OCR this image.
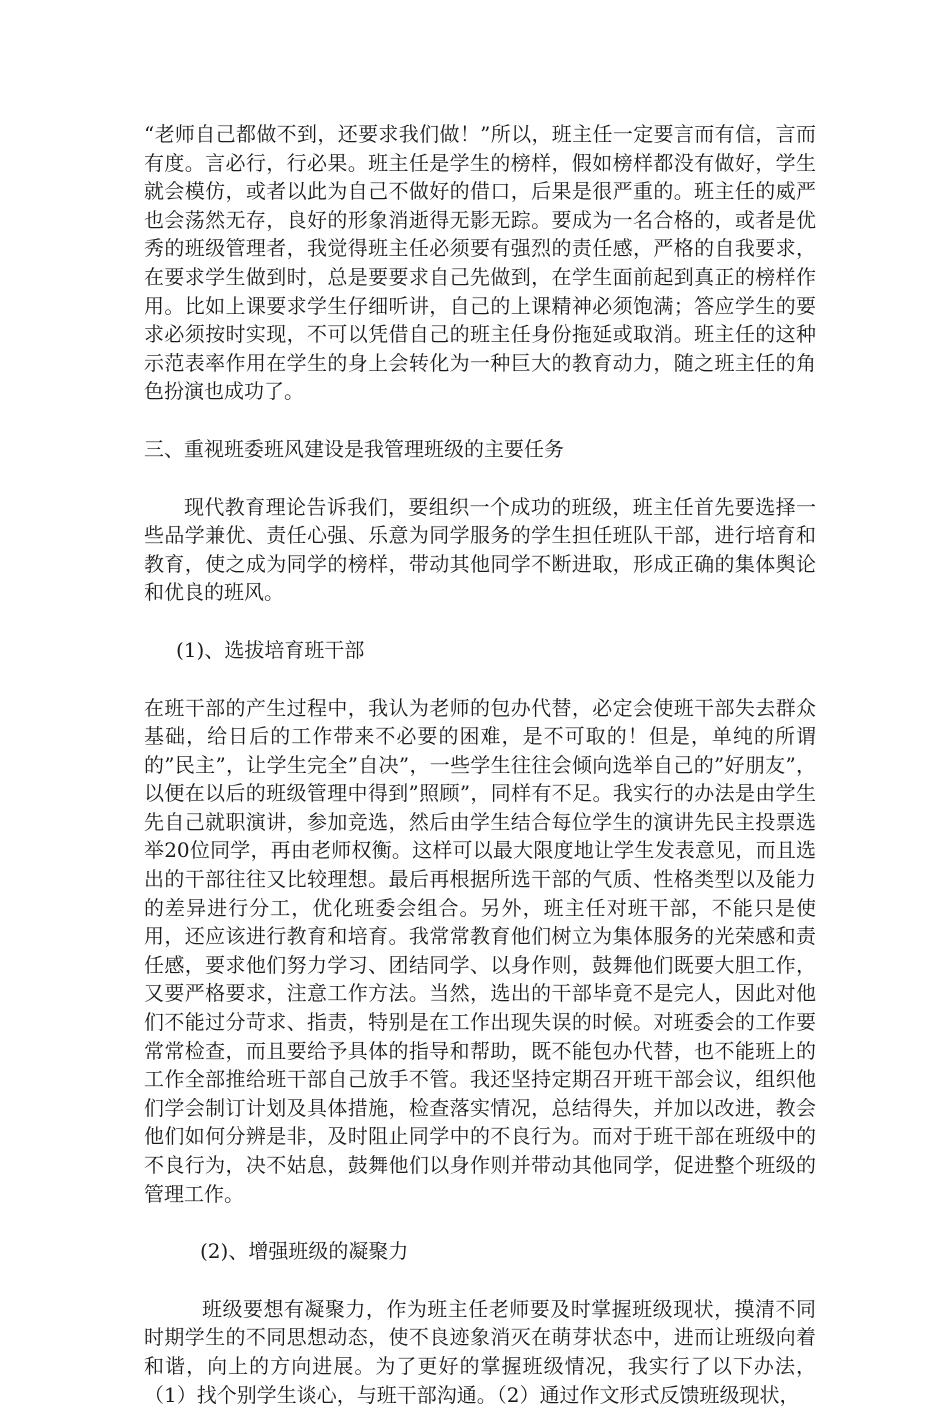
“老师自己都做不到，还要求我们做！”所以，班主任一定要言而有信，言而有度。言必行，行必果。班主任是学生的榜样，假如榜样都没有做好，学生就会模仿，或者以此为自己不做好的借口，后果是很严重的。班主任的威严也会荡然无存，良好的形象消逝得无影无踪。要成为一名合格的，或者是优秀的班级管理者，我觉得班主任必须要有强烈的责任感，严格的自我要求，在要求学生做到时，总是要要求自己先做到，在学生面前起到真正的榜样作用。比如上课要求学生仔细听讲，自己的上课精神必须饱满；答应学生的要求必须按时实现，不可以凭借自己的班主任身份拖延或取消。班主任的这种示范表率作用在学生的身上会转化为一种巨大的教育动力，随之班主任的角色扮演也成功了。

三、重视班委班风建设是我管理班级的主要任务

现代教育理论告诉我们，要组织一个成功的班级，班主任首先要选择一些品学兼优、责任心强、乐意为同学服务的学生担任班队干部，进行培育和教育，使之成为同学的榜样，带动其他同学不断进取，形成正确的集体舆论和优良的班风。

(1)、选拔培育班干部

在班干部的产生过程中，我认为老师的包办代替，必定会使班干部失去群众基础，给日后的工作带来不必要的困难，是不可取的！但是，单纯的所谓的”民主”，让学生完全”自决”，一些学生往往会倾向选举自己的”好朋友”，以便在以后的班级管理中得到”照顾”，同样有不足。我实行的办法是由学生先自己就职演讲，参加竞选，然后由学生结合每位学生的演讲先民主投票选举20位同学，再由老师权衡。这样可以最大限度地让学生发表意见，而且选出的干部往往又比较理想。最后再根据所选干部的气质、性格类型以及能力的差异进行分工，优化班委会组合。另外，班主任对班干部，不能只是使用，还应该进行教育和培育。我常常教育他们树立为集体服务的光荣感和责任感，要求他们努力学习、团结同学、以身作则，鼓舞他们既要大胆工作，又要严格要求，注意工作方法。当然，选出的干部毕竟不是完人，因此对他们不能过分苛求、指责，特别是在工作出现失误的时候。对班委会的工作要常常检查，而且要给予具体的指导和帮助，既不能包办代替，也不能班上的工作全部推给班干部自己放手不管。我还坚持定期召开班干部会议，组织他们学会制订计划及具体措施，检查落实情况，总结得失，并加以改进，教会他们如何分辨是非，及时阻止同学中的不良行为。而对于班干部在班级中的不良行为，决不姑息，鼓舞他们以身作则并带动其他同学，促进整个班级的管理工作。

(2)、增强班级的凝聚力

班级要想有凝聚力，作为班主任老师要及时掌握班级现状，摸清不同时期学生的不同思想动态，使不良迹象消灭在萌芽状态中，进而让班级向着和谐，向上的方向进展。为了更好的掌握班级情况，我实行了以下办法，（1）找个别学生谈心，与班干部沟通。（2）通过作文形式反馈班级现状，
